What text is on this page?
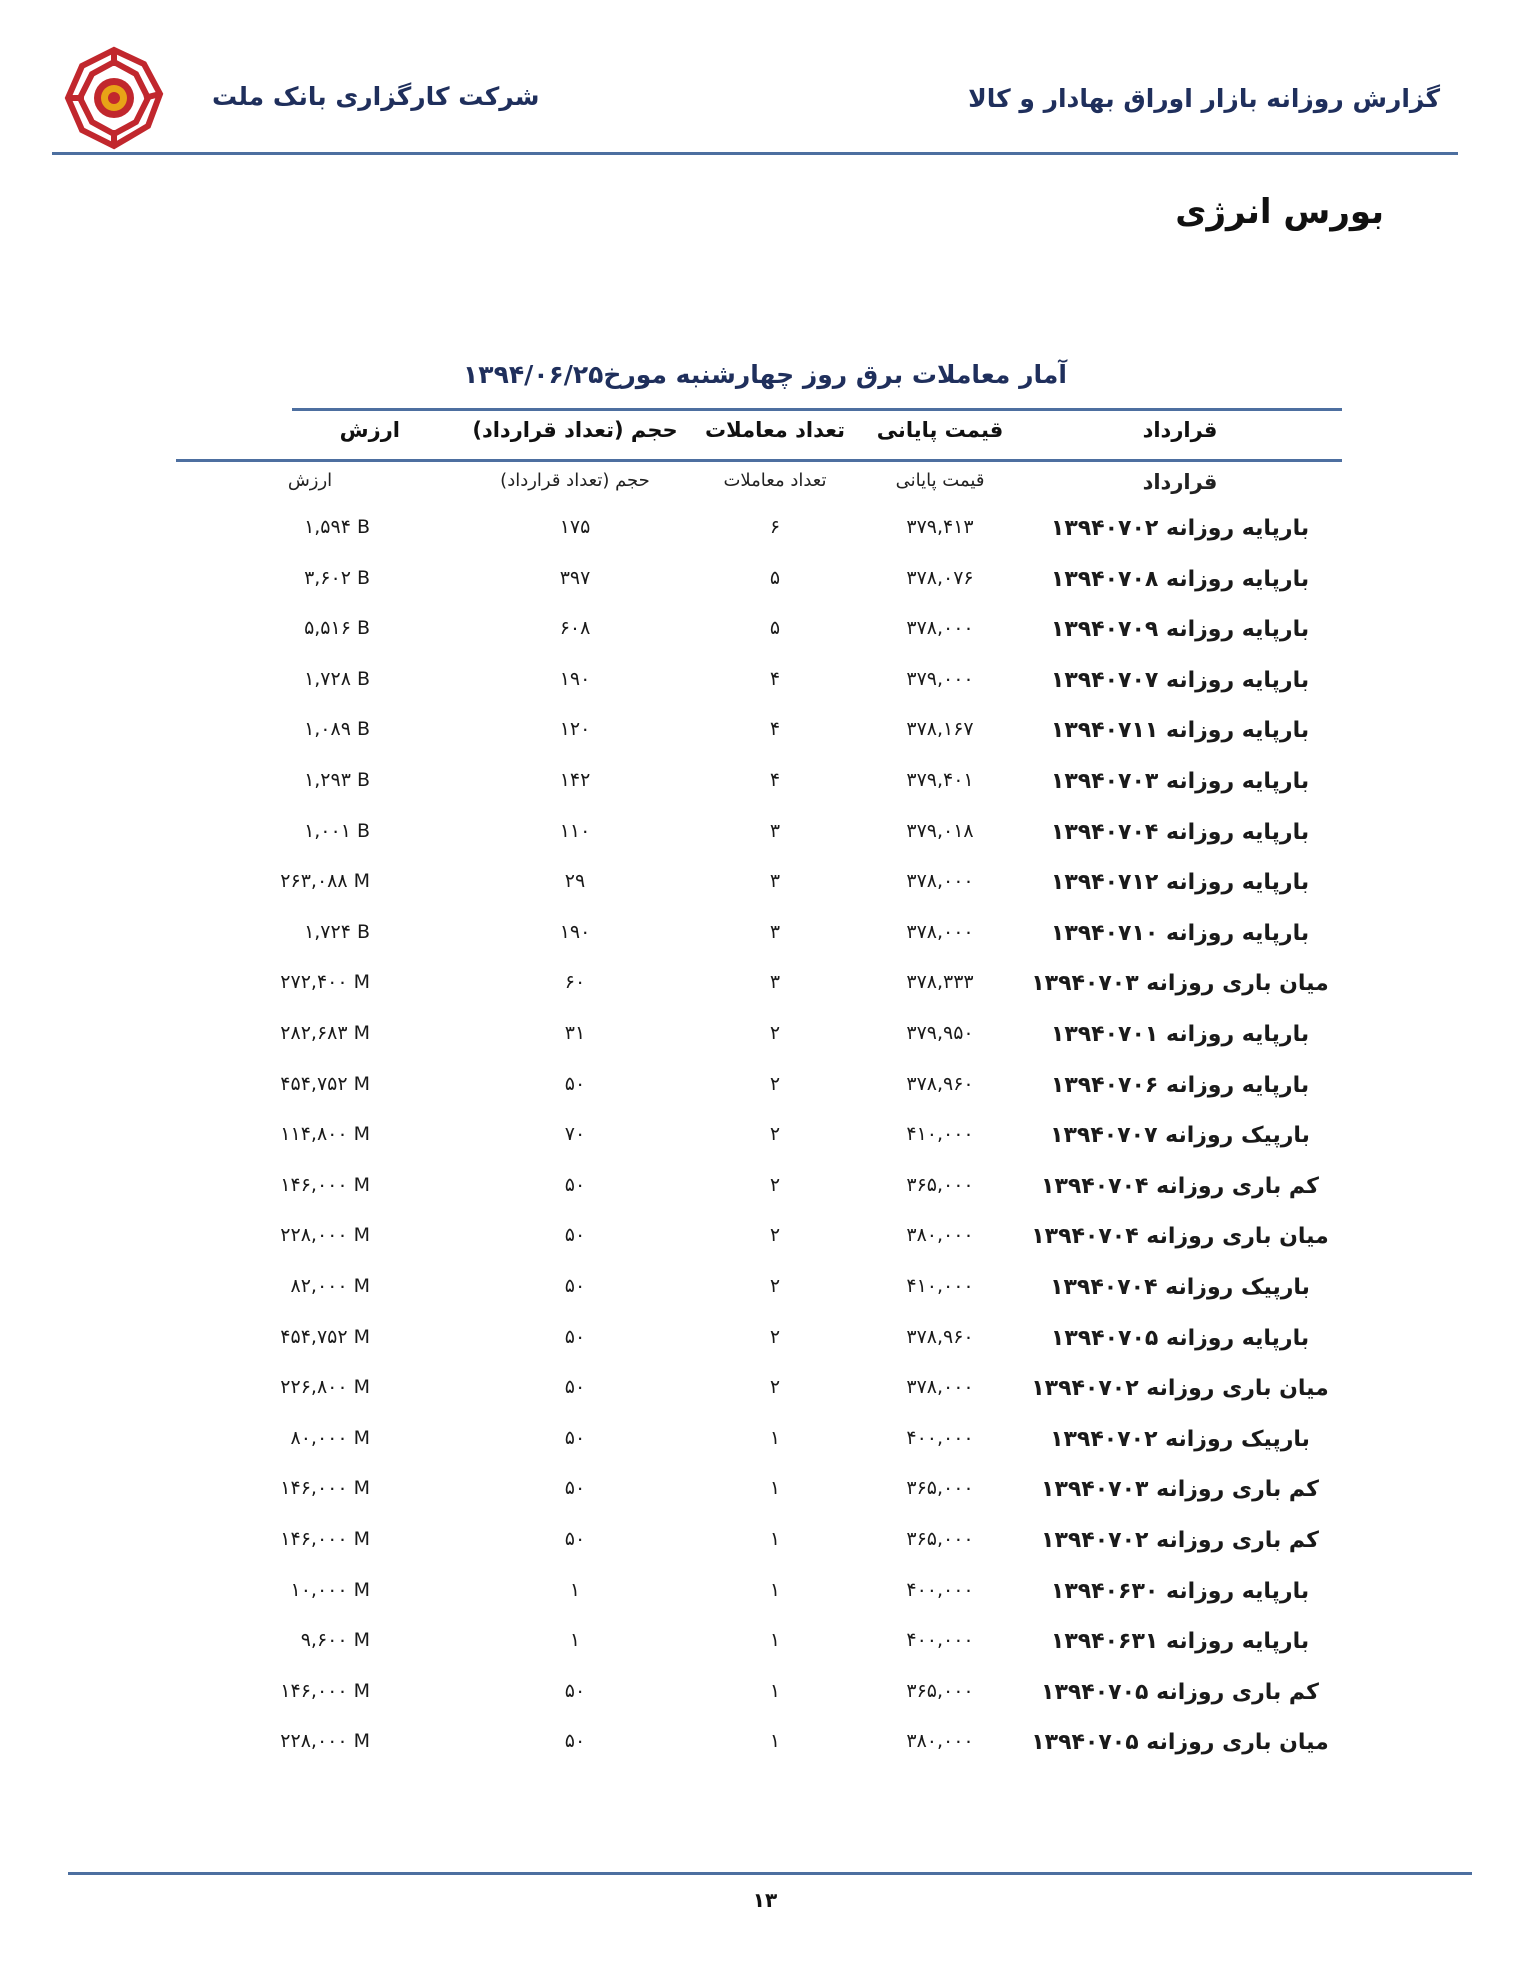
شرکت کارگزاری بانک ملت	گزارش روزانه بازار اوراق بهادار و کالا
بورس انرژی
آمار معاملات برق روز چهارشنبه مورخ۱۳۹۴/۰۶/۲۵
قرارداد
قیمت پایانی
تعداد معاملات
حجم (تعداد قرارداد)
ارزش
قرارداد
قیمت پایانی
تعداد معاملات
حجم (تعداد قرارداد)
ارزش
بارپایه روزانه ۱۳۹۴۰۷۰۲
۳۷۹,۴۱۳
۶
۱۷۵
۱,۵۹۴ B
بارپایه روزانه ۱۳۹۴۰۷۰۸
۳۷۸,۰۷۶
۵
۳۹۷
۳,۶۰۲ B
بارپایه روزانه ۱۳۹۴۰۷۰۹
۳۷۸,۰۰۰
۵
۶۰۸
۵,۵۱۶ B
بارپایه روزانه ۱۳۹۴۰۷۰۷
۳۷۹,۰۰۰
۴
۱۹۰
۱,۷۲۸ B
بارپایه روزانه ۱۳۹۴۰۷۱۱
۳۷۸,۱۶۷
۴
۱۲۰
۱,۰۸۹ B
بارپایه روزانه ۱۳۹۴۰۷۰۳
۳۷۹,۴۰۱
۴
۱۴۲
۱,۲۹۳ B
بارپایه روزانه ۱۳۹۴۰۷۰۴
۳۷۹,۰۱۸
۳
۱۱۰
۱,۰۰۱ B
بارپایه روزانه ۱۳۹۴۰۷۱۲
۳۷۸,۰۰۰
۳
۲۹
۲۶۳,۰۸۸ M
بارپایه روزانه ۱۳۹۴۰۷۱۰
۳۷۸,۰۰۰
۳
۱۹۰
۱,۷۲۴ B
میان باری روزانه ۱۳۹۴۰۷۰۳
۳۷۸,۳۳۳
۳
۶۰
۲۷۲,۴۰۰ M
بارپایه روزانه ۱۳۹۴۰۷۰۱
۳۷۹,۹۵۰
۲
۳۱
۲۸۲,۶۸۳ M
بارپایه روزانه ۱۳۹۴۰۷۰۶
۳۷۸,۹۶۰
۲
۵۰
۴۵۴,۷۵۲ M
بارپیک روزانه ۱۳۹۴۰۷۰۷
۴۱۰,۰۰۰
۲
۷۰
۱۱۴,۸۰۰ M
کم باری روزانه ۱۳۹۴۰۷۰۴
۳۶۵,۰۰۰
۲
۵۰
۱۴۶,۰۰۰ M
میان باری روزانه ۱۳۹۴۰۷۰۴
۳۸۰,۰۰۰
۲
۵۰
۲۲۸,۰۰۰ M
بارپیک روزانه ۱۳۹۴۰۷۰۴
۴۱۰,۰۰۰
۲
۵۰
۸۲,۰۰۰ M
بارپایه روزانه ۱۳۹۴۰۷۰۵
۳۷۸,۹۶۰
۲
۵۰
۴۵۴,۷۵۲ M
میان باری روزانه ۱۳۹۴۰۷۰۲
۳۷۸,۰۰۰
۲
۵۰
۲۲۶,۸۰۰ M
بارپیک روزانه ۱۳۹۴۰۷۰۲
۴۰۰,۰۰۰
۱
۵۰
۸۰,۰۰۰ M
کم باری روزانه ۱۳۹۴۰۷۰۳
۳۶۵,۰۰۰
۱
۵۰
۱۴۶,۰۰۰ M
کم باری روزانه ۱۳۹۴۰۷۰۲
۳۶۵,۰۰۰
۱
۵۰
۱۴۶,۰۰۰ M
بارپایه روزانه ۱۳۹۴۰۶۳۰
۴۰۰,۰۰۰
۱
۱
۱۰,۰۰۰ M
بارپایه روزانه ۱۳۹۴۰۶۳۱
۴۰۰,۰۰۰
۱
۱
۹,۶۰۰ M
کم باری روزانه ۱۳۹۴۰۷۰۵
۳۶۵,۰۰۰
۱
۵۰
۱۴۶,۰۰۰ M
میان باری روزانه ۱۳۹۴۰۷۰۵
۳۸۰,۰۰۰
۱
۵۰
۲۲۸,۰۰۰ M
۱۳
